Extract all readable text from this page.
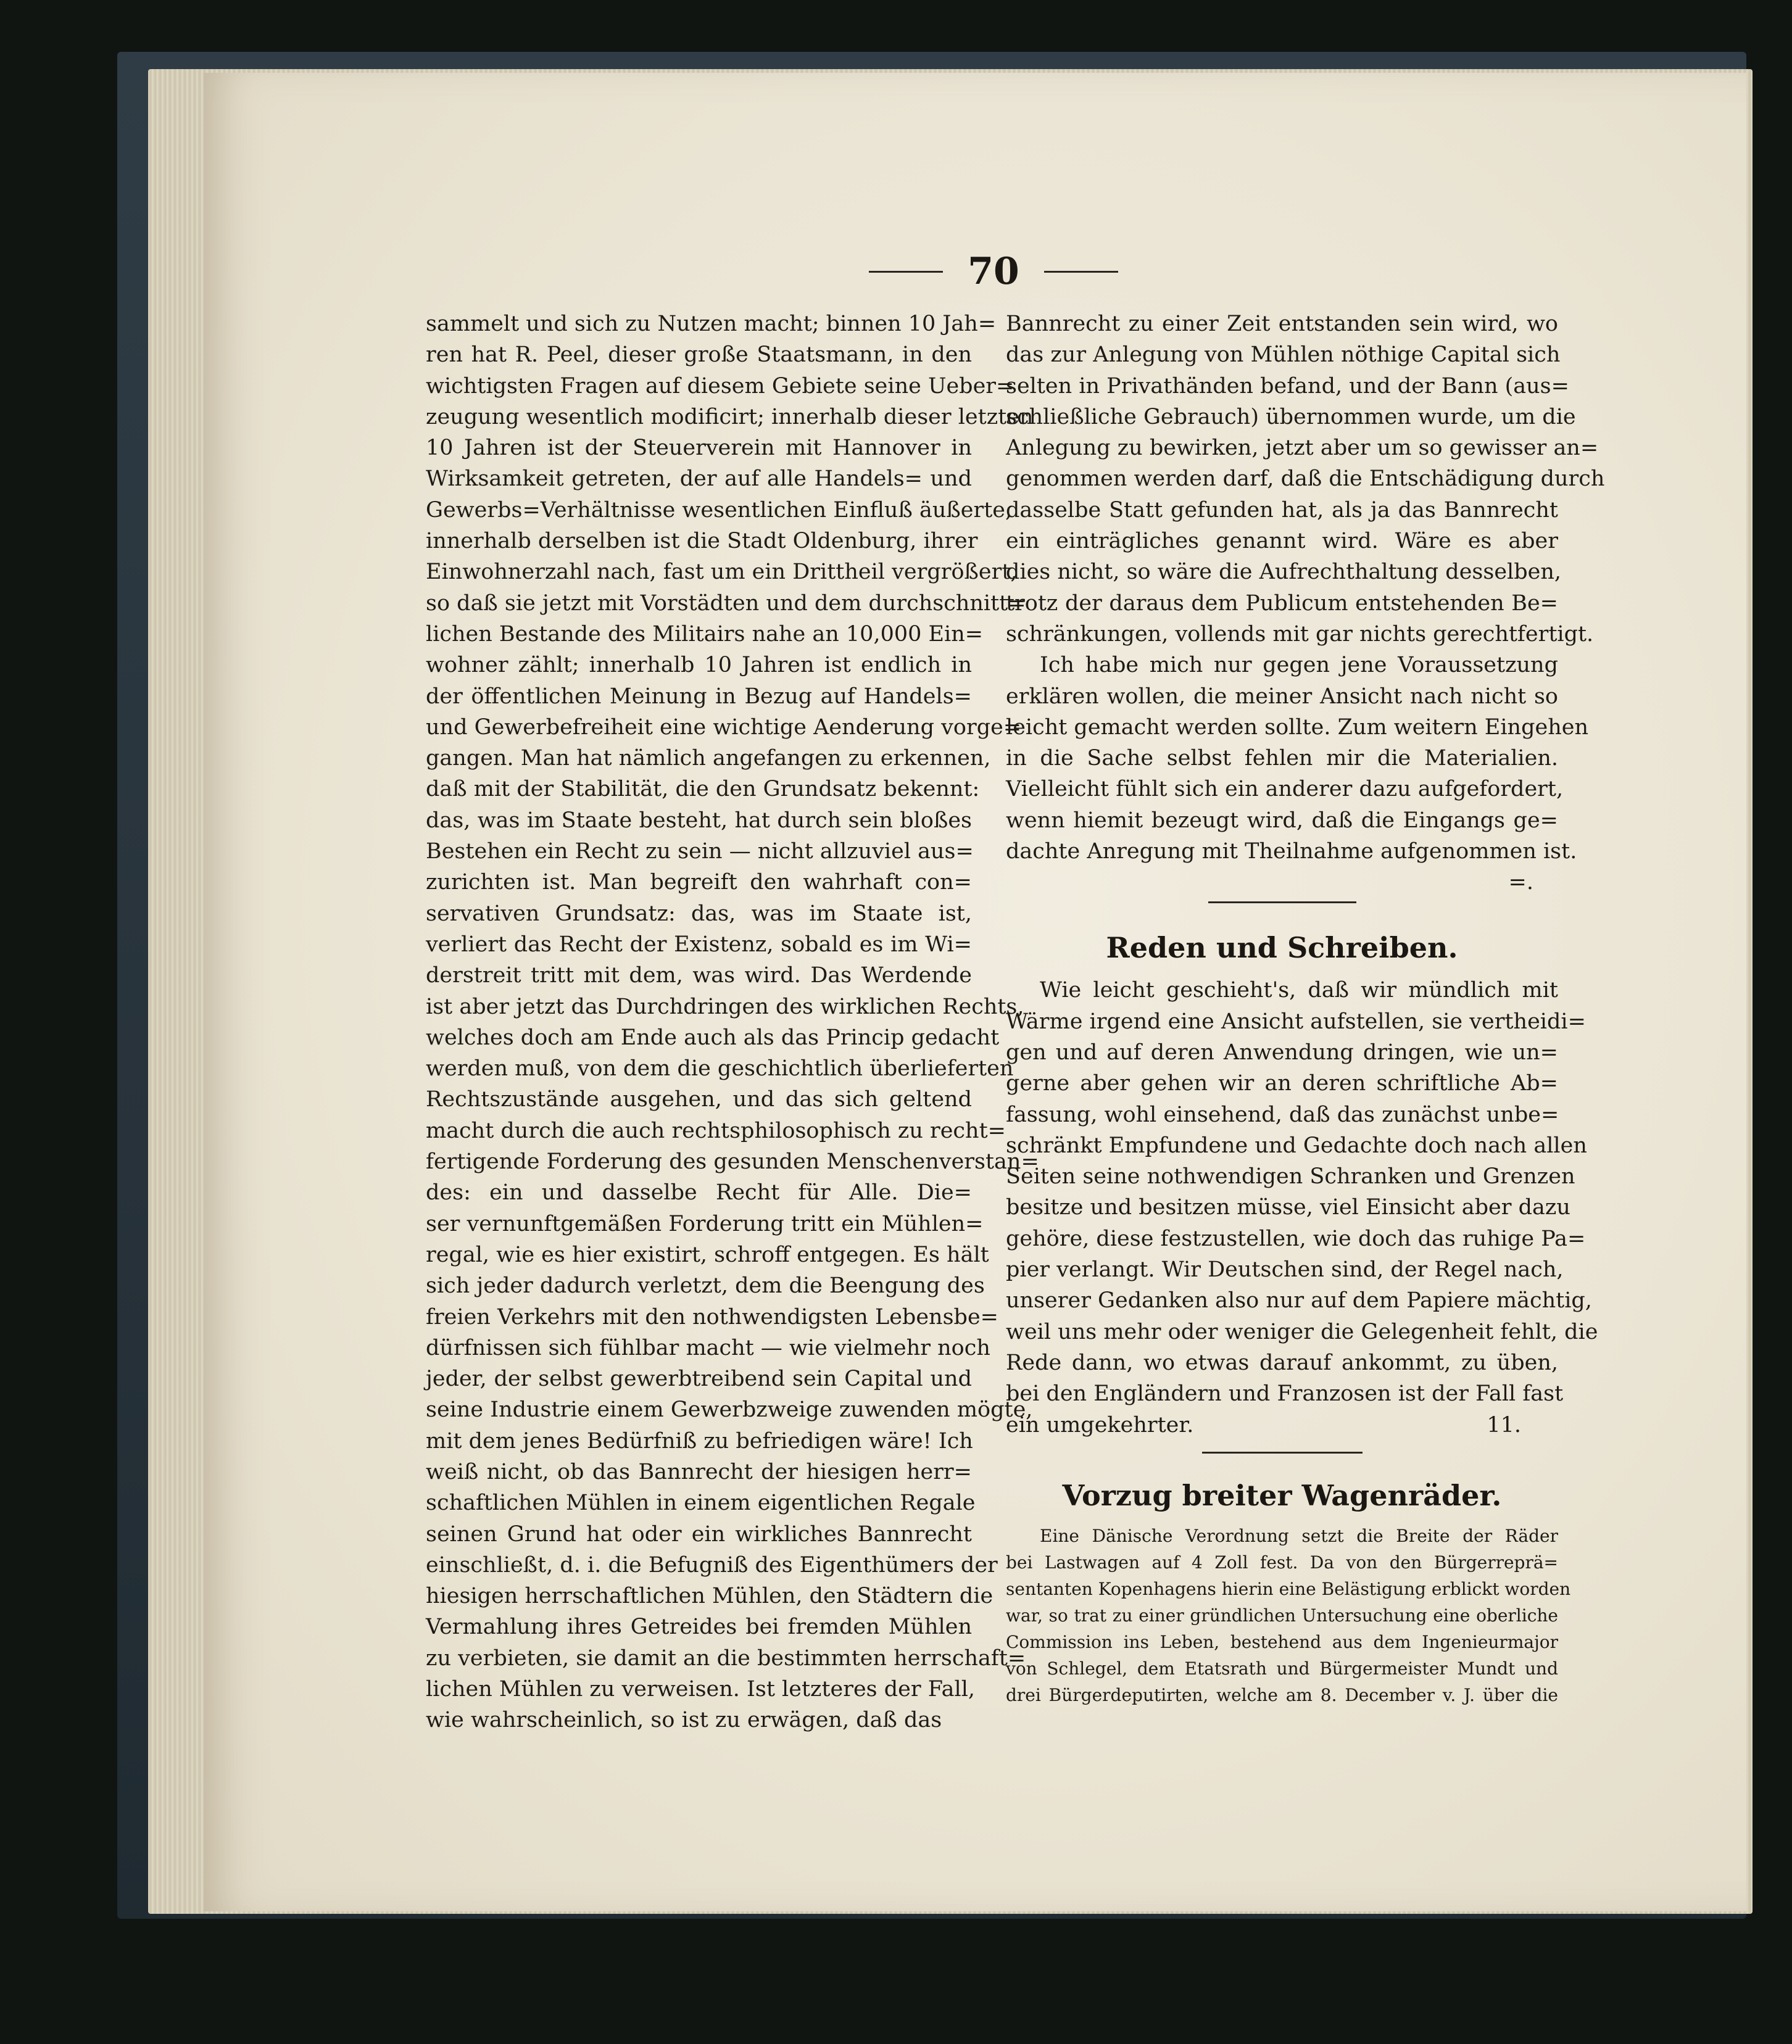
70
sammelt und sich zu Nutzen macht; binnen 10 Jah=
ren hat R. Peel, dieser große Staatsmann, in den
wichtigsten Fragen auf diesem Gebiete seine Ueber=
zeugung wesentlich modificirt; innerhalb dieser letzten
10 Jahren ist der Steuerverein mit Hannover in
Wirksamkeit getreten, der auf alle Handels= und
Gewerbs=Verhältnisse wesentlichen Einfluß äußerte,
innerhalb derselben ist die Stadt Oldenburg, ihrer
Einwohnerzahl nach, fast um ein Drittheil vergrößert,
so daß sie jetzt mit Vorstädten und dem durchschnitt=
lichen Bestande des Militairs nahe an 10,000 Ein=
wohner zählt; innerhalb 10 Jahren ist endlich in
der öffentlichen Meinung in Bezug auf Handels=
und Gewerbefreiheit eine wichtige Aenderung vorge=
gangen. Man hat nämlich angefangen zu erkennen,
daß mit der Stabilität, die den Grundsatz bekennt:
das, was im Staate besteht, hat durch sein bloßes
Bestehen ein Recht zu sein — nicht allzuviel aus=
zurichten ist. Man begreift den wahrhaft con=
servativen Grundsatz: das, was im Staate ist,
verliert das Recht der Existenz, sobald es im Wi=
derstreit tritt mit dem, was wird. Das Werdende
ist aber jetzt das Durchdringen des wirklichen Rechts,
welches doch am Ende auch als das Princip gedacht
werden muß, von dem die geschichtlich überlieferten
Rechtszustände ausgehen, und das sich geltend
macht durch die auch rechtsphilosophisch zu recht=
fertigende Forderung des gesunden Menschenverstan=
des: ein und dasselbe Recht für Alle. Die=
ser vernunftgemäßen Forderung tritt ein Mühlen=
regal, wie es hier existirt, schroff entgegen. Es hält
sich jeder dadurch verletzt, dem die Beengung des
freien Verkehrs mit den nothwendigsten Lebensbe=
dürfnissen sich fühlbar macht — wie vielmehr noch
jeder, der selbst gewerbtreibend sein Capital und
seine Industrie einem Gewerbzweige zuwenden mögte,
mit dem jenes Bedürfniß zu befriedigen wäre! Ich
weiß nicht, ob das Bannrecht der hiesigen herr=
schaftlichen Mühlen in einem eigentlichen Regale
seinen Grund hat oder ein wirkliches Bannrecht
einschließt, d. i. die Befugniß des Eigenthümers der
hiesigen herrschaftlichen Mühlen, den Städtern die
Vermahlung ihres Getreides bei fremden Mühlen
zu verbieten, sie damit an die bestimmten herrschaft=
lichen Mühlen zu verweisen. Ist letzteres der Fall,
wie wahrscheinlich, so ist zu erwägen, daß das
Bannrecht zu einer Zeit entstanden sein wird, wo
das zur Anlegung von Mühlen nöthige Capital sich
selten in Privathänden befand, und der Bann (aus=
schließliche Gebrauch) übernommen wurde, um die
Anlegung zu bewirken, jetzt aber um so gewisser an=
genommen werden darf, daß die Entschädigung durch
dasselbe Statt gefunden hat, als ja das Bannrecht
ein einträgliches genannt wird. Wäre es aber
dies nicht, so wäre die Aufrechthaltung desselben,
trotz der daraus dem Publicum entstehenden Be=
schränkungen, vollends mit gar nichts gerechtfertigt.
Ich habe mich nur gegen jene Voraussetzung
erklären wollen, die meiner Ansicht nach nicht so
leicht gemacht werden sollte. Zum weitern Eingehen
in die Sache selbst fehlen mir die Materialien.
Vielleicht fühlt sich ein anderer dazu aufgefordert,
wenn hiemit bezeugt wird, daß die Eingangs ge=
dachte Anregung mit Theilnahme aufgenommen ist.
=.
Reden und Schreiben.
Wie leicht geschieht's, daß wir mündlich mit
Wärme irgend eine Ansicht aufstellen, sie vertheidi=
gen und auf deren Anwendung dringen, wie un=
gerne aber gehen wir an deren schriftliche Ab=
fassung, wohl einsehend, daß das zunächst unbe=
schränkt Empfundene und Gedachte doch nach allen
Seiten seine nothwendigen Schranken und Grenzen
besitze und besitzen müsse, viel Einsicht aber dazu
gehöre, diese festzustellen, wie doch das ruhige Pa=
pier verlangt. Wir Deutschen sind, der Regel nach,
unserer Gedanken also nur auf dem Papiere mächtig,
weil uns mehr oder weniger die Gelegenheit fehlt, die
Rede dann, wo etwas darauf ankommt, zu üben,
bei den Engländern und Franzosen ist der Fall fast
ein umgekehrter.	11.
Vorzug breiter Wagenräder.
Eine Dänische Verordnung setzt die Breite der Räder
bei Lastwagen auf 4 Zoll fest. Da von den Bürgerreprä=
sentanten Kopenhagens hierin eine Belästigung erblickt worden
war, so trat zu einer gründlichen Untersuchung eine oberliche
Commission ins Leben, bestehend aus dem Ingenieurmajor
von Schlegel, dem Etatsrath und Bürgermeister Mundt und
drei Bürgerdeputirten, welche am 8. December v. J. über die
